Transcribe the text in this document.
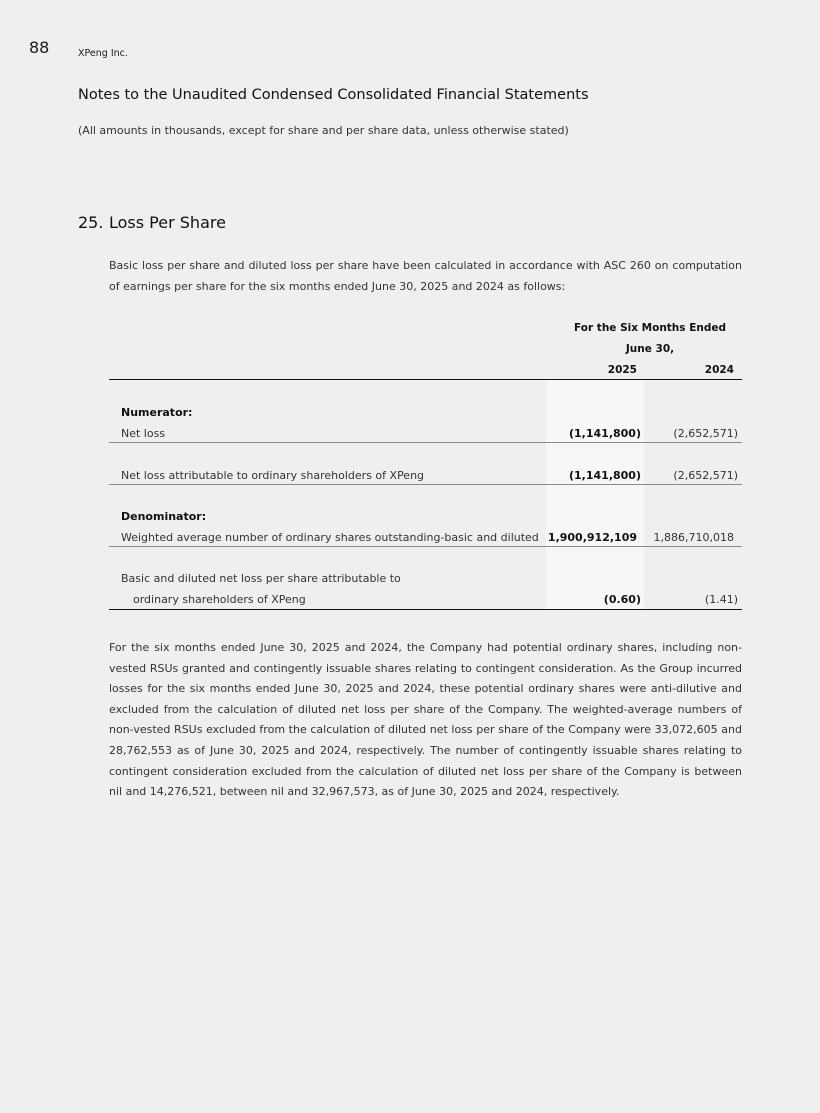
88	XPeng Inc.
Notes to the Unaudited Condensed Consolidated Financial Statements
(All amounts in thousands, except for share and per share data, unless otherwise stated)
25. Loss Per Share

Basic loss per share and diluted loss per share have been calculated in accordance with ASC 260 on computation of earnings per share for the six months ended June 30, 2025 and 2024 as follows:

For the Six Months Ended
June 30,
2025	2024
Numerator:
Net loss	(1,141,800)	(2,652,571)
Net loss attributable to ordinary shareholders of XPeng	(1,141,800)	(2,652,571)
Denominator:
Weighted average number of ordinary shares outstanding-basic and diluted 1,900,912,109 1,886,710,018
Basic and diluted net loss per share attributable to
ordinary shareholders of XPeng	(0.60)	(1.41)

For the six months ended June 30, 2025 and 2024, the Company had potential ordinary shares, including non-vested RSUs granted and contingently issuable shares relating to contingent consideration. As the Group incurred losses for the six months ended June 30, 2025 and 2024, these potential ordinary shares were anti-dilutive and excluded from the calculation of diluted net loss per share of the Company. The weighted-average numbers of non-vested RSUs excluded from the calculation of diluted net loss per share of the Company were 33,072,605 and 28,762,553 as of June 30, 2025 and 2024, respectively. The number of contingently issuable shares relating to contingent consideration excluded from the calculation of diluted net loss per share of the Company is between nil and 14,276,521, between nil and 32,967,573, as of June 30, 2025 and 2024, respectively.
